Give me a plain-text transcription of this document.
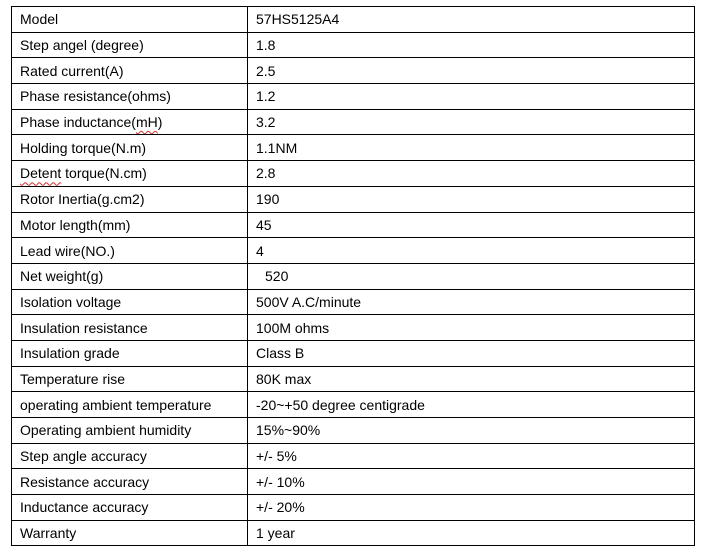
Model	57HS5125A4
Step angel (degree)	1.8
Rated current(A)	2.5
Phase resistance(ohms)	1.2
Phase inductance(mH)	3.2
Holding torque(N.m)	1.1NM
Detent torque(N.cm)	2.8
Rotor Inertia(g.cm2)	190
Motor length(mm)	45
Lead wire(NO.)	4
Net weight(g)	520
Isolation voltage	500V A.C/minute
Insulation resistance	100M ohms
Insulation grade	Class B
Temperature rise	80K max
operating ambient temperature	-20~+50 degree centigrade
Operating ambient humidity	15%~90%
Step angle accuracy	+/- 5%
Resistance accuracy	+/- 10%
Inductance accuracy	+/- 20%
Warranty	1 year
